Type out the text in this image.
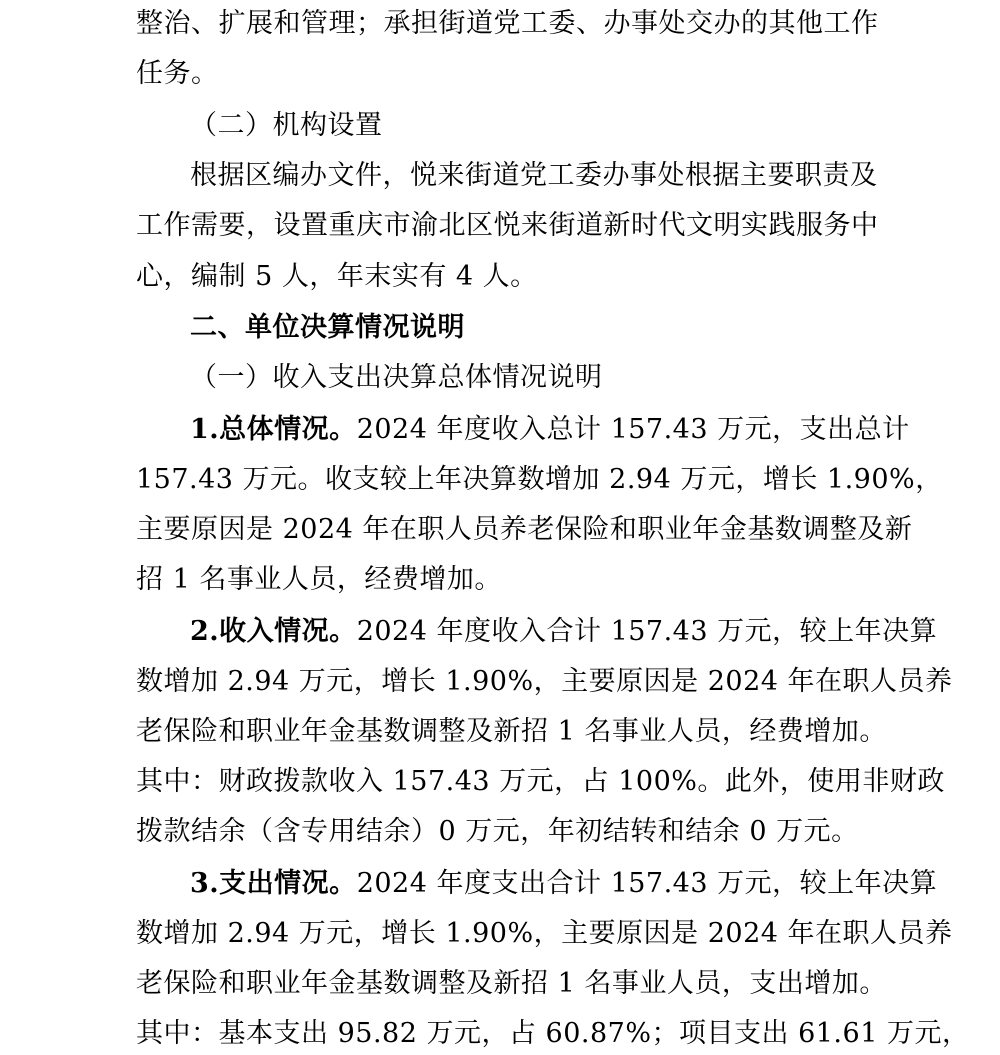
整治、扩展和管理；承担街道党工委、办事处交办的其他工作
任务。
（二）机构设置
根据区编办文件，悦来街道党工委办事处根据主要职责及
工作需要，设置重庆市渝北区悦来街道新时代文明实践服务中
心，编制 5 人，年末实有 4 人。
二、单位决算情况说明
（一）收入支出决算总体情况说明
1.总体情况。2024 年度收入总计 157.43 万元，支出总计
157.43 万元。收支较上年决算数增加 2.94 万元，增长 1.90%，
主要原因是 2024 年在职人员养老保险和职业年金基数调整及新
招 1 名事业人员，经费增加。
2.收入情况。2024 年度收入合计 157.43 万元，较上年决算
数增加 2.94 万元，增长 1.90%，主要原因是 2024 年在职人员养
老保险和职业年金基数调整及新招 1 名事业人员，经费增加。
其中：财政拨款收入 157.43 万元，占 100%。此外，使用非财政
拨款结余（含专用结余）0 万元，年初结转和结余 0 万元。
3.支出情况。2024 年度支出合计 157.43 万元，较上年决算
数增加 2.94 万元，增长 1.90%，主要原因是 2024 年在职人员养
老保险和职业年金基数调整及新招 1 名事业人员，支出增加。
其中：基本支出 95.82 万元，占 60.87%；项目支出 61.61 万元，
